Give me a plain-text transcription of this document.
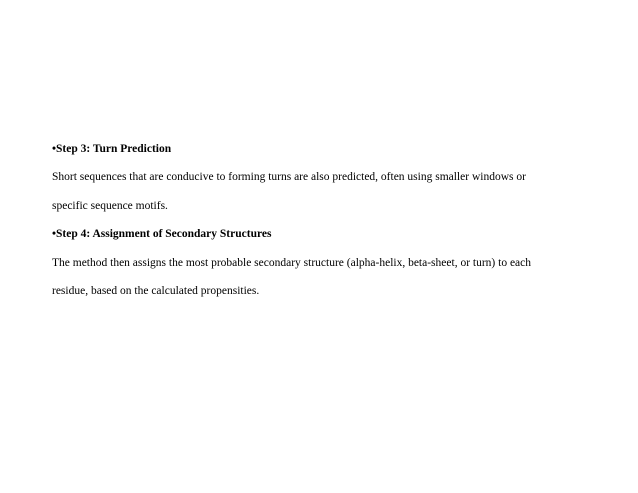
•Step 3: Turn Prediction
Short sequences that are conducive to forming turns are also predicted, often using smaller windows or
specific sequence motifs.
•Step 4: Assignment of Secondary Structures
The method then assigns the most probable secondary structure (alpha-helix, beta-sheet, or turn) to each
residue, based on the calculated propensities.
